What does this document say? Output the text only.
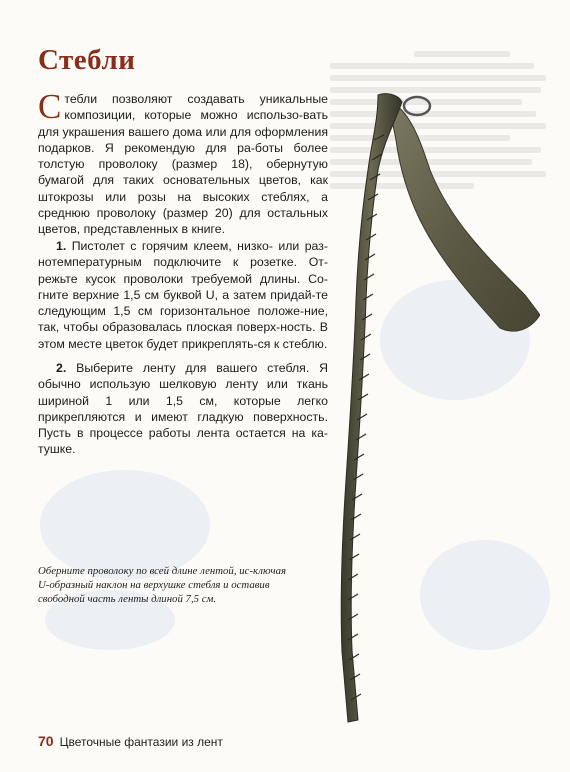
Стебли

Стебли позволяют создавать уникальные композиции, которые можно использо-вать для украшения вашего дома или для оформления подарков. Я рекомендую для ра-боты более толстую проволоку (размер 18), обернутую бумагой для таких основательных цветов, как штокрозы или розы на высоких стеблях, а среднюю проволоку (размер 20) для остальных цветов, представленных в книге.

1. Пистолет с горячим клеем, низко- или раз-нотемпературным подключите к розетке. От-режьте кусок проволоки требуемой длины. Со-гните верхние 1,5 см буквой U, а затем придай-те следующим 1,5 см горизонтальное положе-ние, так, чтобы образовалась плоская поверх-ность. В этом месте цветок будет прикреплять-ся к стеблю.

2. Выберите ленту для вашего стебля. Я обычно использую шелковую ленту или ткань шириной 1 или 1,5 см, которые легко прикрепляются и имеют гладкую поверхность. Пусть в процессе работы лента остается на ка-тушке.

Оберните проволоку по всей длине лентой, ис-ключая U-образный наклон на верхушке стебля и оставив свободной часть ленты длиной 7,5 см.

70 Цветочные фантазии из лент
